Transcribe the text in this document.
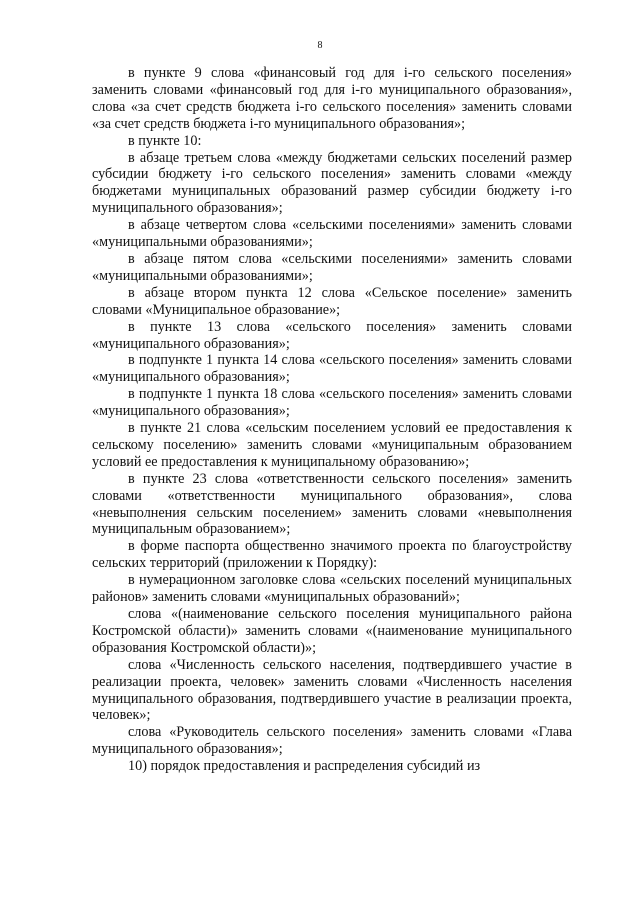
8

в пункте 9 слова «финансовый год для i-го сельского поселения» заменить словами «финансовый год для i-го муниципального образования», слова «за счет средств бюджета i-го сельского поселения» заменить словами «за счет средств бюджета i-го муниципального образования»;

в пункте 10:

в абзаце третьем слова «между бюджетами сельских поселений размер субсидии бюджету i-го сельского поселения» заменить словами «между бюджетами муниципальных образований размер субсидии бюджету i-го муниципального образования»;

в абзаце четвертом слова «сельскими поселениями» заменить словами «муниципальными образованиями»;

в абзаце пятом слова «сельскими поселениями» заменить словами «муниципальными образованиями»;

в абзаце втором пункта 12 слова «Сельское поселение» заменить словами «Муниципальное образование»;

в пункте 13 слова «сельского поселения» заменить словами «муниципального образования»;

в подпункте 1 пункта 14 слова «сельского поселения» заменить словами «муниципального образования»;

в подпункте 1 пункта 18 слова «сельского поселения» заменить словами «муниципального образования»;

в пункте 21 слова «сельским поселением условий ее предоставления к сельскому поселению» заменить словами «муниципальным образованием условий ее предоставления к муниципальному образованию»;

в пункте 23 слова «ответственности сельского поселения» заменить словами «ответственности муниципального образования», слова «невыполнения сельским поселением» заменить словами «невыполнения муниципальным образованием»;

в форме паспорта общественно значимого проекта по благоустройству сельских территорий (приложении к Порядку):

в нумерационном заголовке слова «сельских поселений муниципальных районов» заменить словами «муниципальных образований»;

слова «(наименование сельского поселения муниципального района Костромской области)» заменить словами «(наименование муниципального образования Костромской области)»;

слова «Численность сельского населения, подтвердившего участие в реализации проекта, человек» заменить словами «Численность населения муниципального образования, подтвердившего участие в реализации проекта, человек»;

слова «Руководитель сельского поселения» заменить словами «Глава муниципального образования»;

10) порядок предоставления и распределения субсидий из
